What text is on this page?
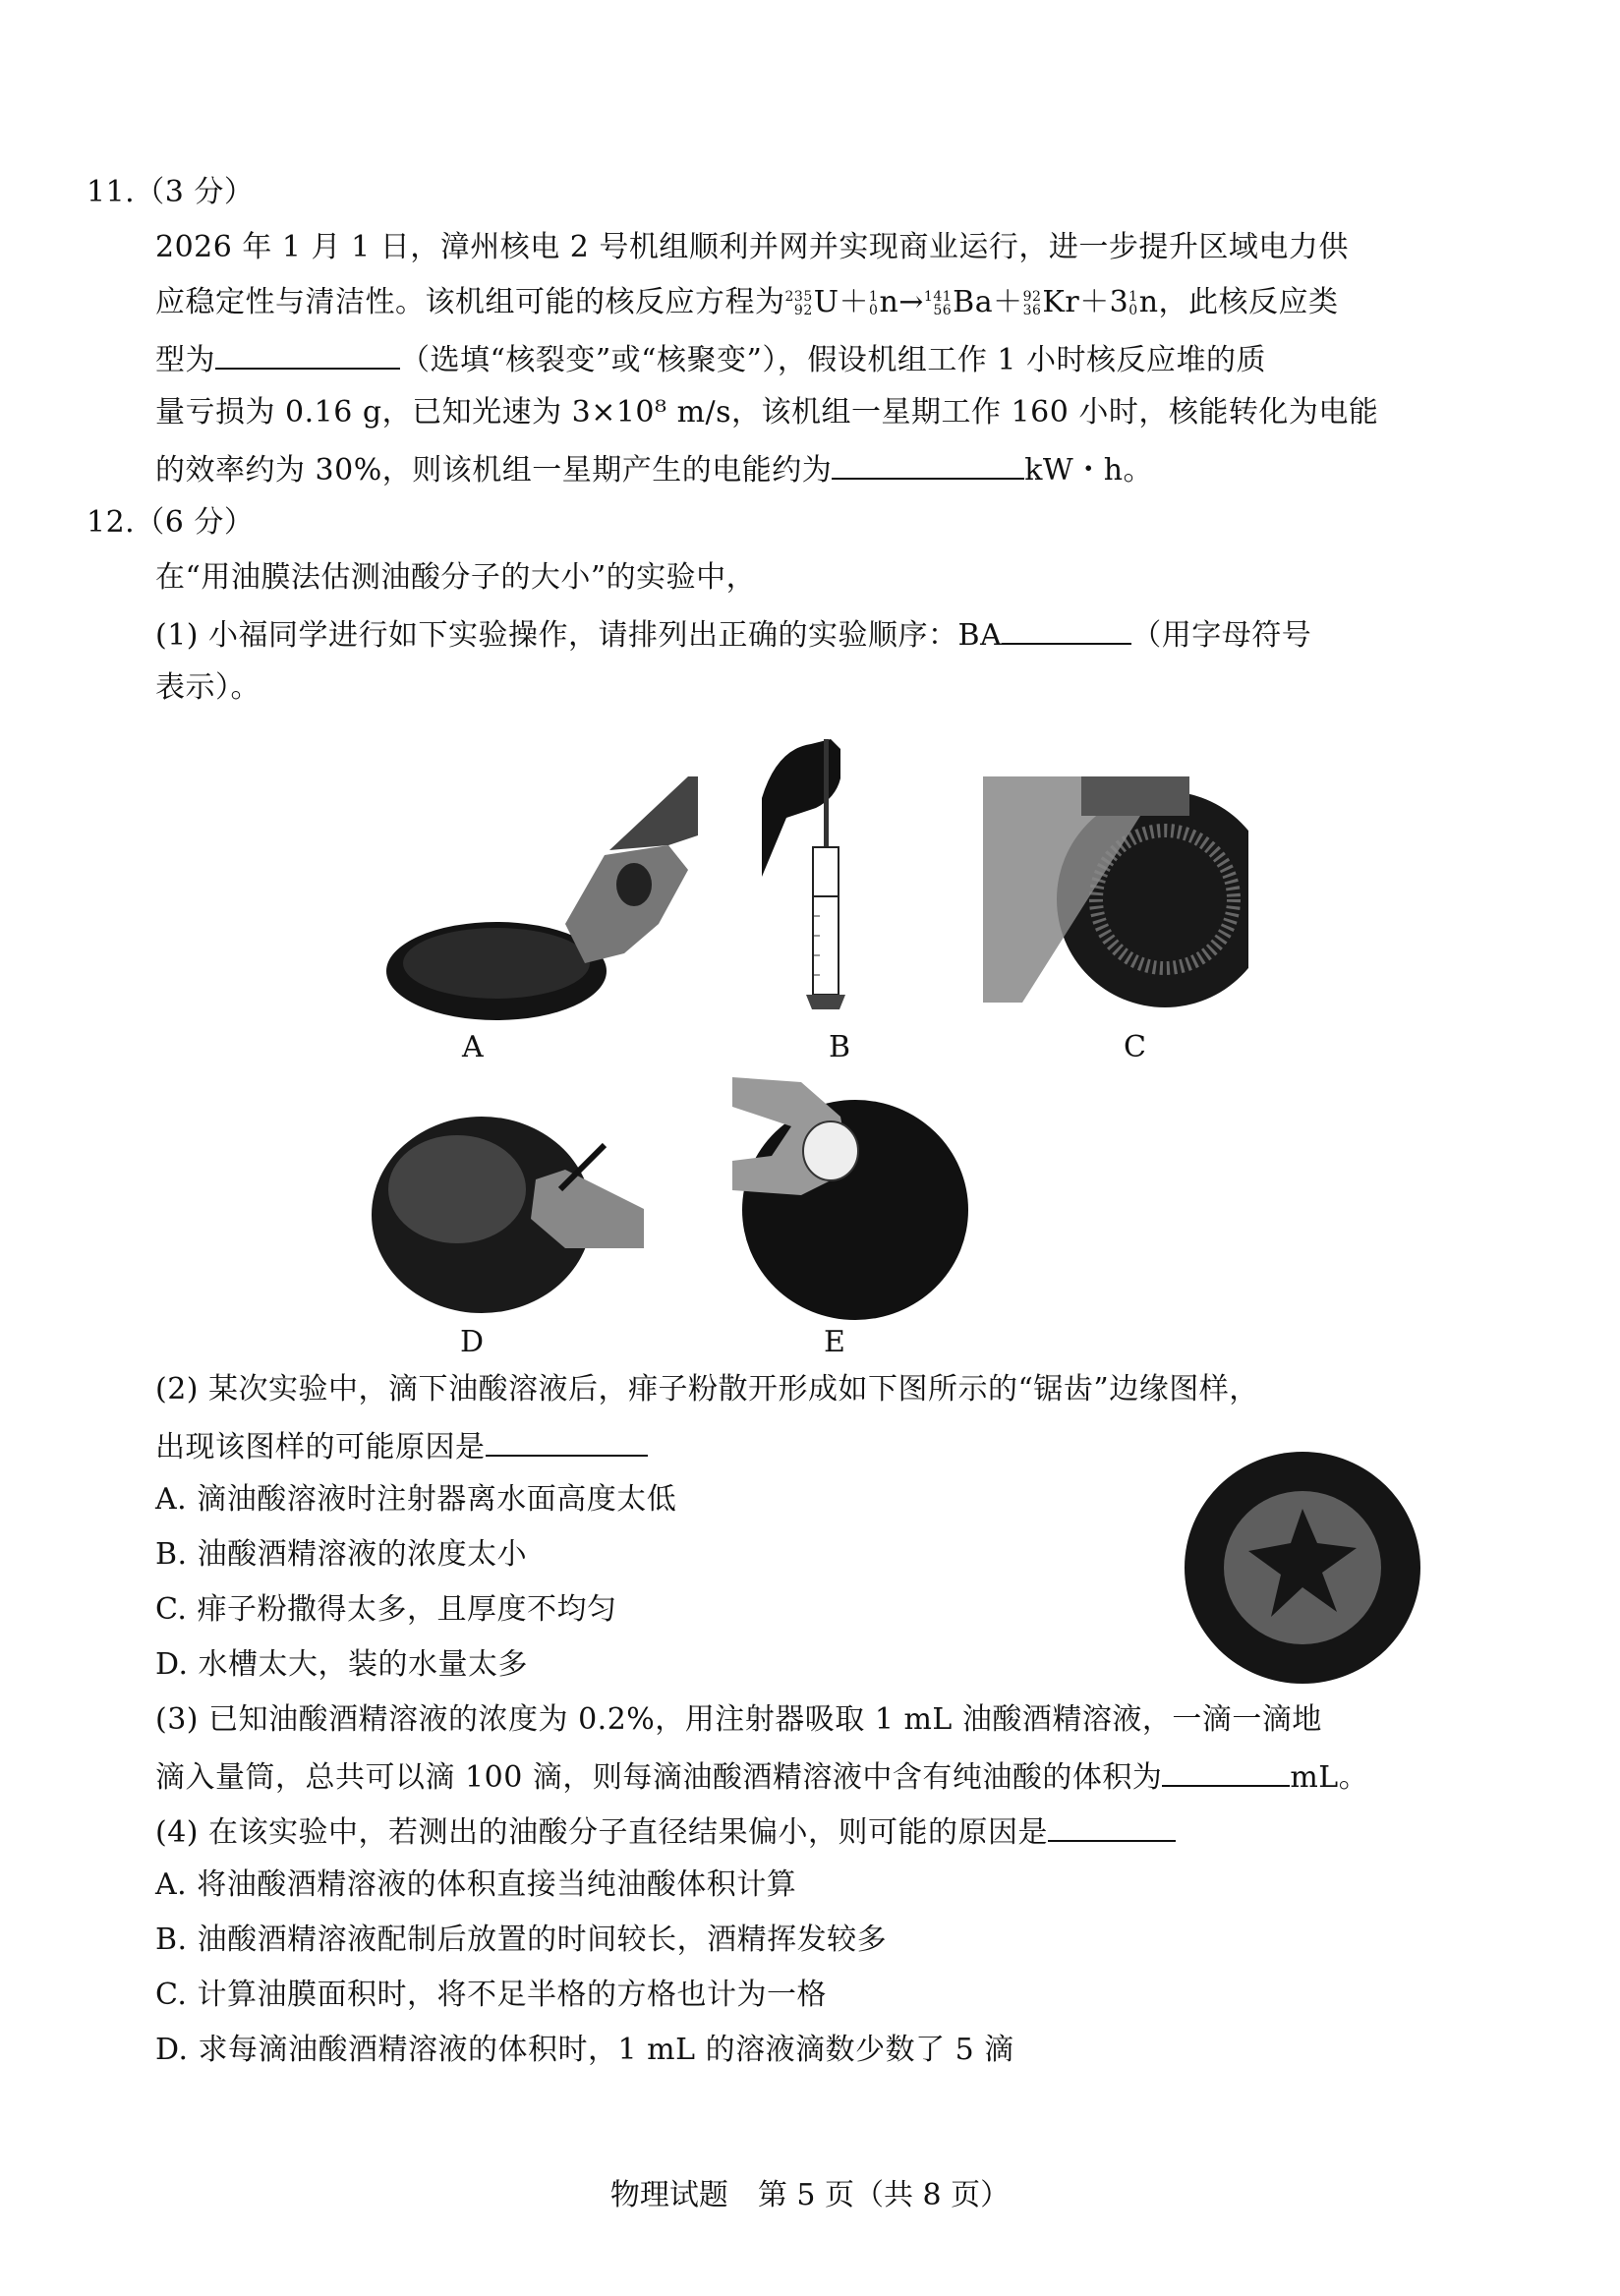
11.（3 分）
2026 年 1 月 1 日，漳州核电 2 号机组顺利并网并实现商业运行，进一步提升区域电力供
应稳定性与清洁性。该机组可能的核反应方程为 235
92 U＋ 1
0 n→ 141
56 Ba＋ 92
36 Kr＋3 1
0 n，此核反应类
型为	（选填“核裂变”或“核聚变”），假设机组工作 1 小时核反应堆的质
量亏损为 0.16 g，已知光速为 3×10⁸ m/s，该机组一星期工作 160 小时，核能转化为电能
的效率约为 30%，则该机组一星期产生的电能约为	kW・h。
12.（6 分）
在“用油膜法估测油酸分子的大小”的实验中，
(1) 小福同学进行如下实验操作，请排列出正确的实验顺序：BA	（用字母符号
表示）。
A	B	C
D	E
(2) 某次实验中，滴下油酸溶液后，痱子粉散开形成如下图所示的“锯齿”边缘图样，
出现该图样的可能原因是
A. 滴油酸溶液时注射器离水面高度太低
B. 油酸酒精溶液的浓度太小
C. 痱子粉撒得太多，且厚度不均匀
D. 水槽太大，装的水量太多
(3) 已知油酸酒精溶液的浓度为 0.2%，用注射器吸取 1 mL 油酸酒精溶液，一滴一滴地
滴入量筒，总共可以滴 100 滴，则每滴油酸酒精溶液中含有纯油酸的体积为	mL。
(4) 在该实验中，若测出的油酸分子直径结果偏小，则可能的原因是
A. 将油酸酒精溶液的体积直接当纯油酸体积计算
B. 油酸酒精溶液配制后放置的时间较长，酒精挥发较多
C. 计算油膜面积时，将不足半格的方格也计为一格
D. 求每滴油酸酒精溶液的体积时，1 mL 的溶液滴数少数了 5 滴
物理试题　第 5 页（共 8 页）
